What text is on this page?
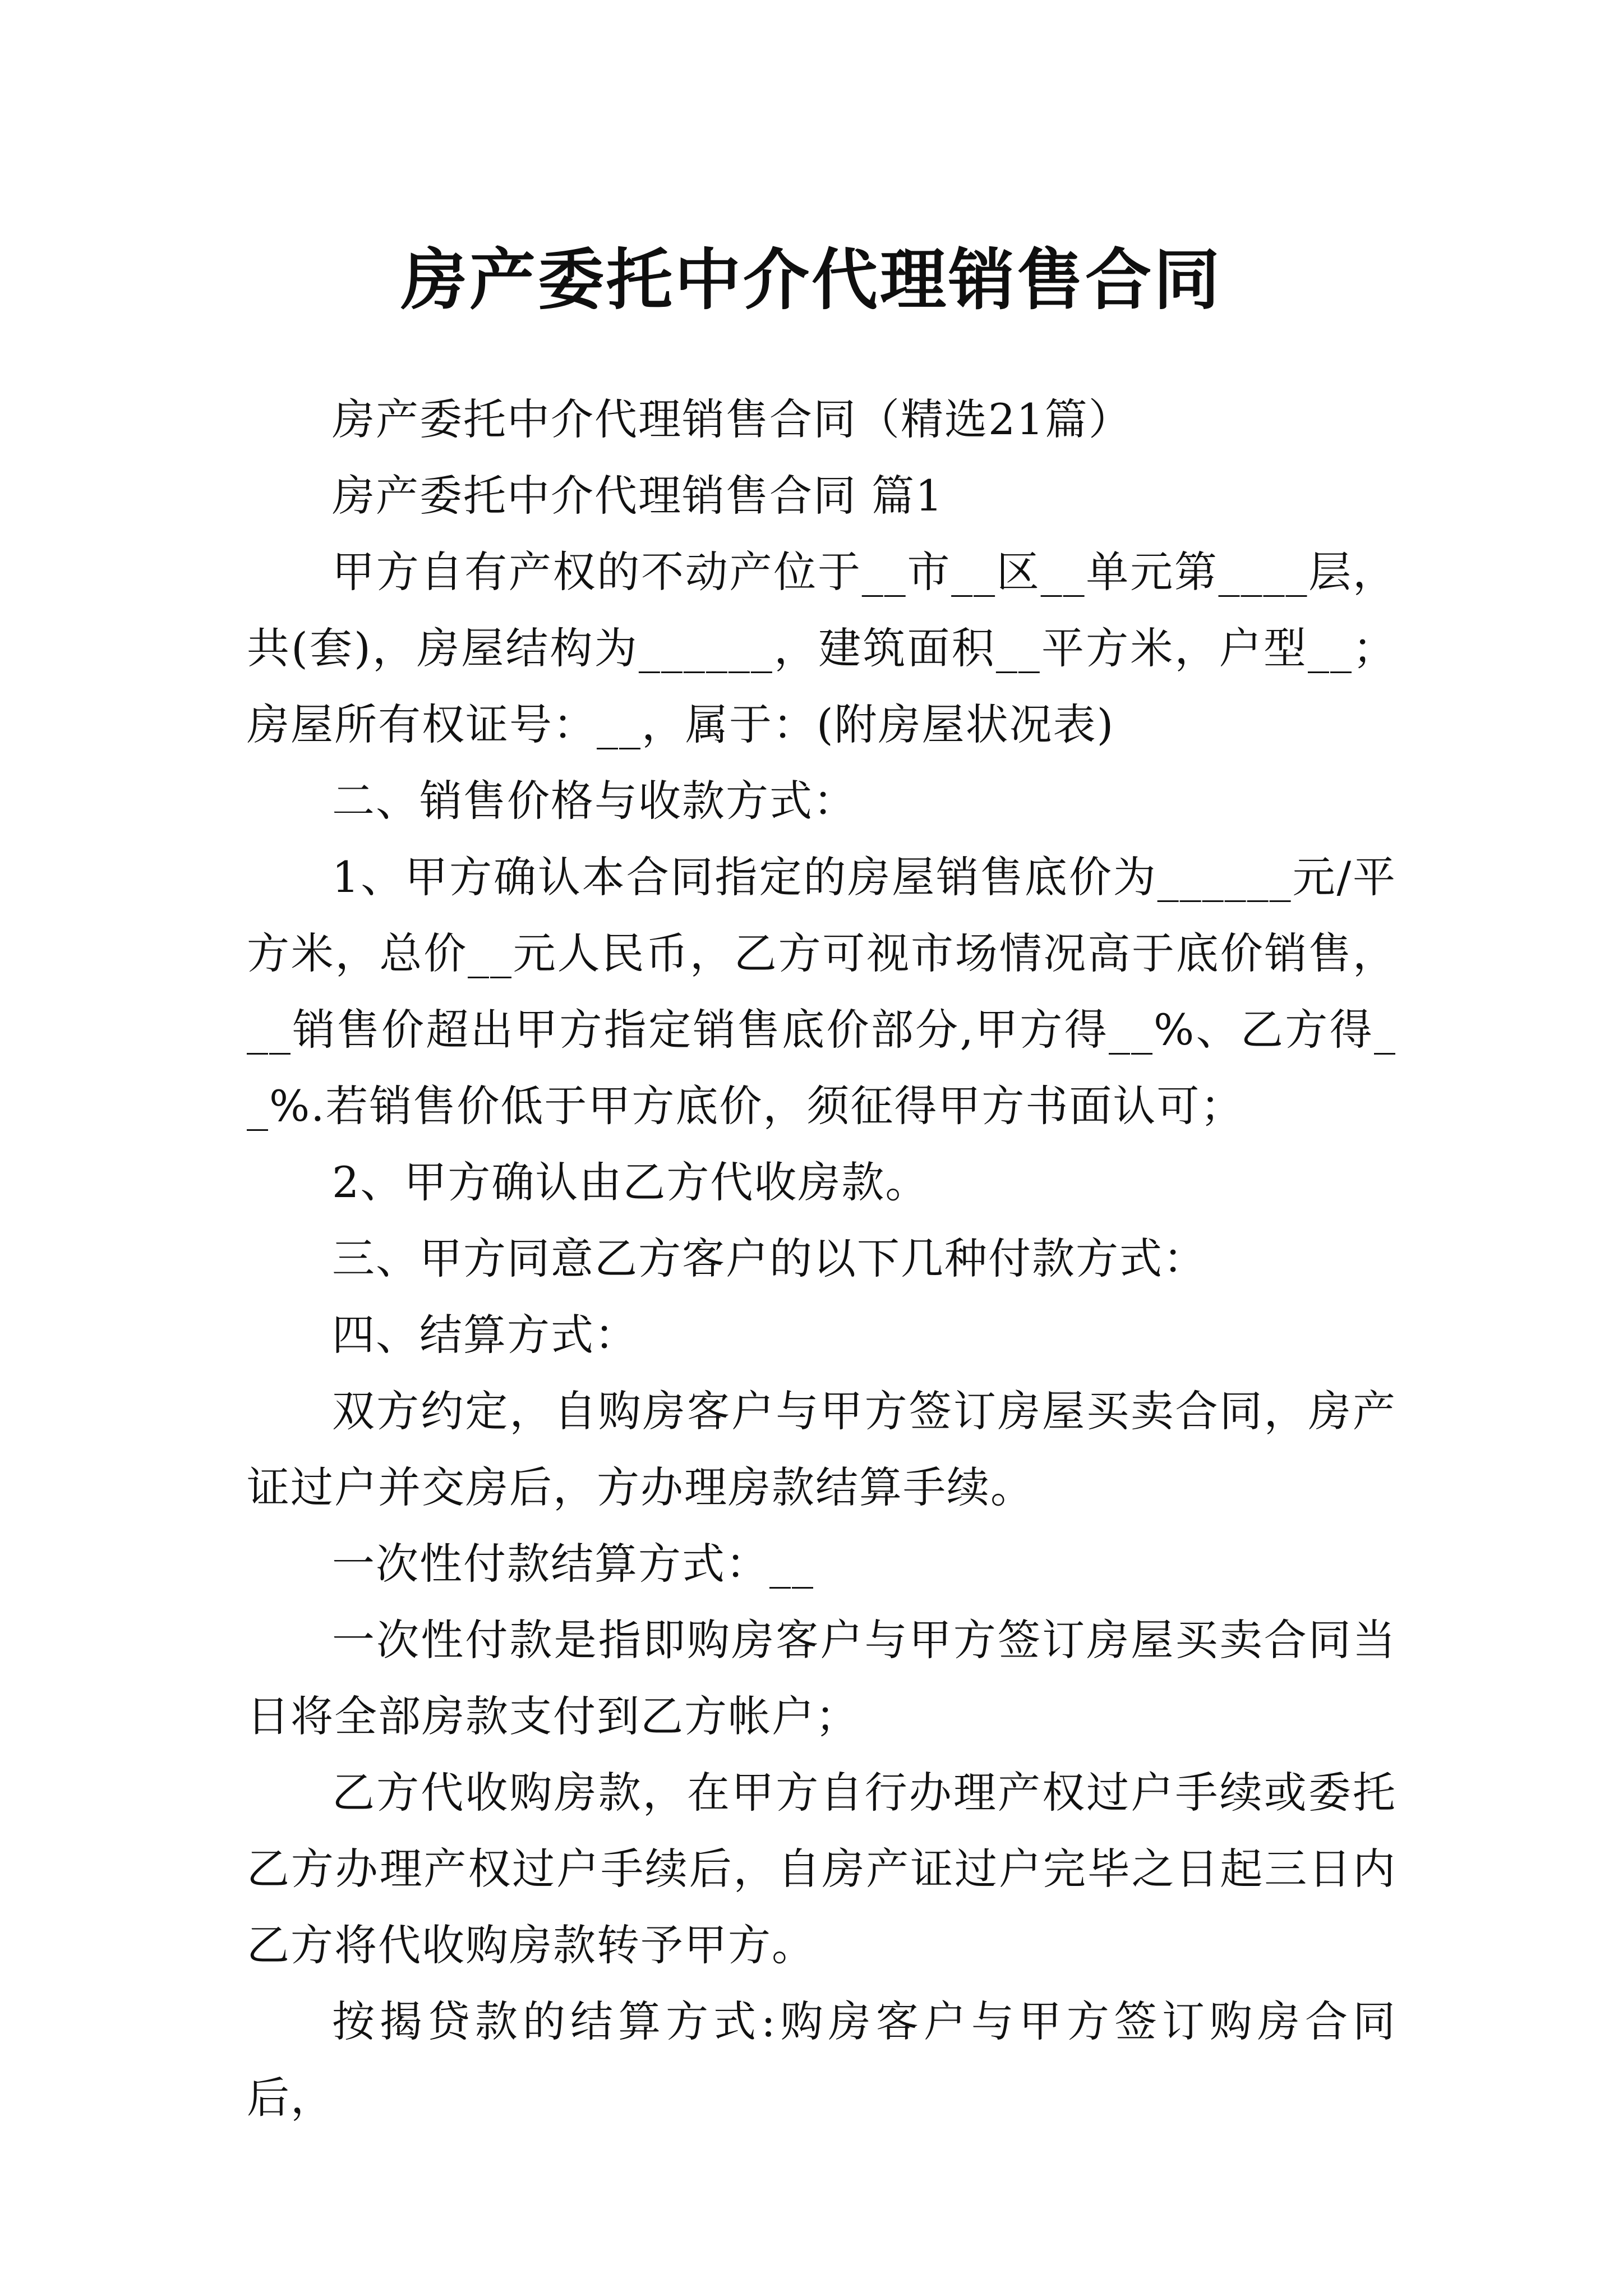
房产委托中介代理销售合同

房产委托中介代理销售合同（精选21篇）

房产委托中介代理销售合同 篇1

甲方自有产权的不动产位于__市__区__单元第____层，共(套)，房屋结构为______，建筑面积__平方米，户型__；房屋所有权证号：__，属于：(附房屋状况表)

二、销售价格与收款方式：

1、甲方确认本合同指定的房屋销售底价为______元/平方米，总价__元人民币，乙方可视市场情况高于底价销售，__销售价超出甲方指定销售底价部分,甲方得__%、乙方得__%.若销售价低于甲方底价，须征得甲方书面认可；

2、甲方确认由乙方代收房款。

三、甲方同意乙方客户的以下几种付款方式：

四、结算方式：

双方约定，自购房客户与甲方签订房屋买卖合同，房产证过户并交房后，方办理房款结算手续。

一次性付款结算方式：__

一次性付款是指即购房客户与甲方签订房屋买卖合同当日将全部房款支付到乙方帐户；

乙方代收购房款，在甲方自行办理产权过户手续或委托乙方办理产权过户手续后，自房产证过户完毕之日起三日内乙方将代收购房款转予甲方。

按揭贷款的结算方式:购房客户与甲方签订购房合同后，
